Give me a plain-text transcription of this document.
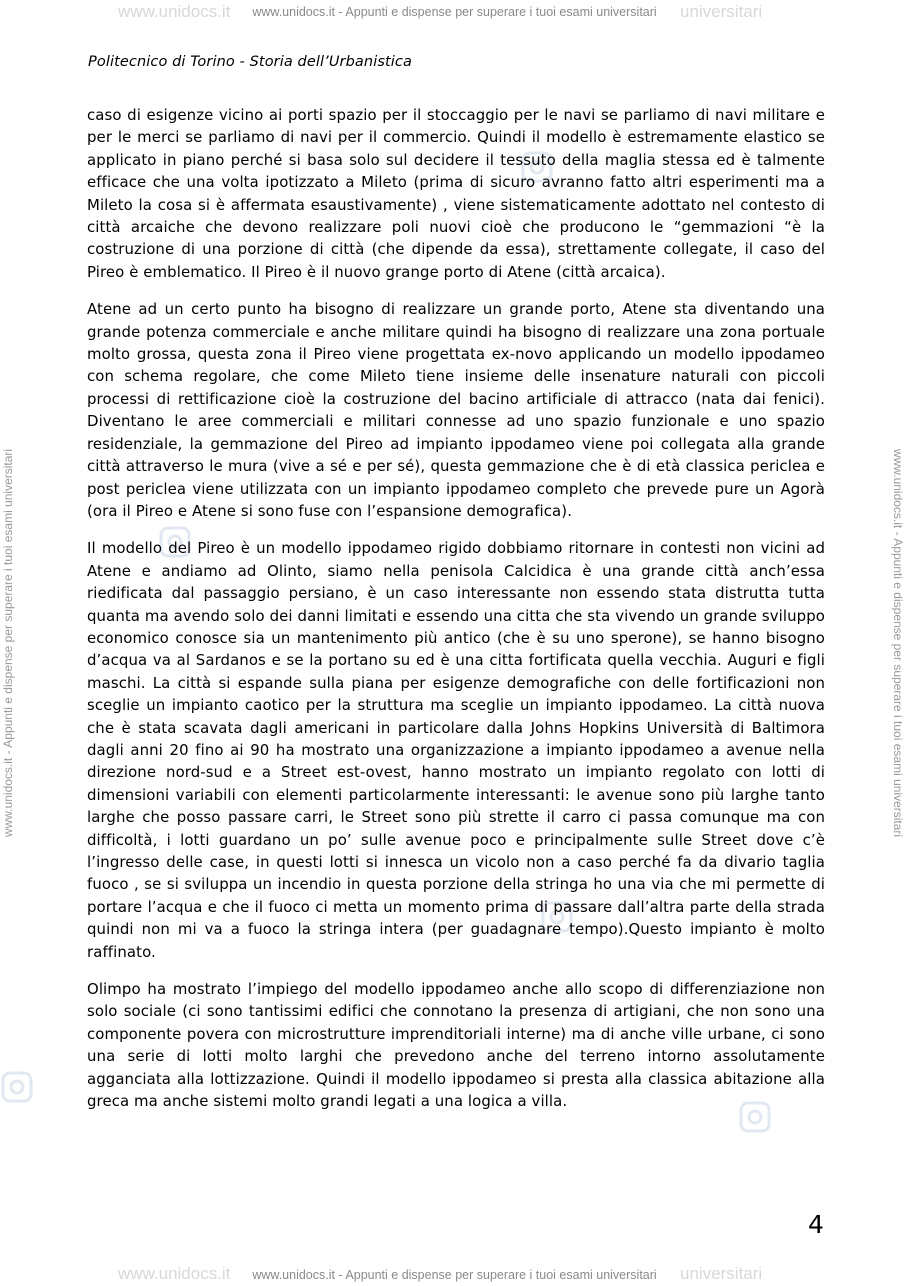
www.unidocs.it	universitari
www.unidocs.it - Appunti e dispense per superare i tuoi esami universitari
www.unidocs.it	universitari
www.unidocs.it - Appunti e dispense per superare i tuoi esami universitari
www.unidocs.it - Appunti e dispense per superare i tuoi esami universitari	www.unidocs.it - Appunti e dispense per superare i tuoi esami universitari
Politecnico di Torino - Storia dell’Urbanistica

caso di esigenze vicino ai porti spazio per il stoccaggio per le navi se parliamo di navi militare e per le merci se parliamo di navi per il commercio. Quindi il modello è estremamente elastico se applicato in piano perché si basa solo sul decidere il tessuto della maglia stessa ed è talmente efficace che una volta ipotizzato a Mileto (prima di sicuro avranno fatto altri esperimenti ma a Mileto la cosa si è affermata esaustivamente) , viene sistematicamente adottato nel contesto di città arcaiche che devono realizzare poli nuovi cioè che producono le “gemmazioni “è la costruzione di una porzione di città (che dipende da essa), strettamente collegate, il caso del Pireo è emblematico. Il Pireo è il nuovo grange porto di Atene (città arcaica).

Atene ad un certo punto ha bisogno di realizzare un grande porto, Atene sta diventando una grande potenza commerciale e anche militare quindi ha bisogno di realizzare una zona portuale molto grossa, questa zona il Pireo viene progettata ex-novo applicando un modello ippodameo con schema regolare, che come Mileto tiene insieme delle insenature naturali con piccoli processi di rettificazione cioè la costruzione del bacino artificiale di attracco (nata dai fenici). Diventano le aree commerciali e militari connesse ad uno spazio funzionale e uno spazio residenziale, la gemmazione del Pireo ad impianto ippodameo viene poi collegata alla grande città attraverso le mura (vive a sé e per sé), questa gemmazione che è di età classica periclea e post periclea viene utilizzata con un impianto ippodameo completo che prevede pure un Agorà (ora il Pireo e Atene si sono fuse con l’espansione demografica).

Il modello del Pireo è un modello ippodameo rigido dobbiamo ritornare in contesti non vicini ad Atene e andiamo ad Olinto, siamo nella penisola Calcidica è una grande città anch’essa riedificata dal passaggio persiano, è un caso interessante non essendo stata distrutta tutta quanta ma avendo solo dei danni limitati e essendo una citta che sta vivendo un grande sviluppo economico conosce sia un mantenimento più antico (che è su uno sperone), se hanno bisogno d’acqua va al Sardanos e se la portano su ed è una citta fortificata quella vecchia. Auguri e figli maschi. La città si espande sulla piana per esigenze demografiche con delle fortificazioni non sceglie un impianto caotico per la struttura ma sceglie un impianto ippodameo. La città nuova che è stata scavata dagli americani in particolare dalla Johns Hopkins Università di Baltimora dagli anni 20 fino ai 90 ha mostrato una organizzazione a impianto ippodameo a avenue nella direzione nord-sud e a Street est-ovest, hanno mostrato un impianto regolato con lotti di dimensioni variabili con elementi particolarmente interessanti: le avenue sono più larghe tanto larghe che posso passare carri, le Street sono più strette il carro ci passa comunque ma con difficoltà, i lotti guardano un po’ sulle avenue poco e principalmente sulle Street dove c’è l’ingresso delle case, in questi lotti si innesca un vicolo non a caso perché fa da divario taglia fuoco , se si sviluppa un incendio in questa porzione della stringa ho una via che mi permette di portare l’acqua e che il fuoco ci metta un momento prima di passare dall’altra parte della strada quindi non mi va a fuoco la stringa intera (per guadagnare tempo).Questo impianto è molto raffinato.

Olimpo ha mostrato l’impiego del modello ippodameo anche allo scopo di differenziazione non solo sociale (ci sono tantissimi edifici che connotano la presenza di artigiani, che non sono una componente povera con microstrutture imprenditoriali interne) ma di anche ville urbane, ci sono una serie di lotti molto larghi che prevedono anche del terreno intorno assolutamente agganciata alla lottizzazione. Quindi il modello ippodameo si presta alla classica abitazione alla greca ma anche sistemi molto grandi legati a una logica a villa.

4
